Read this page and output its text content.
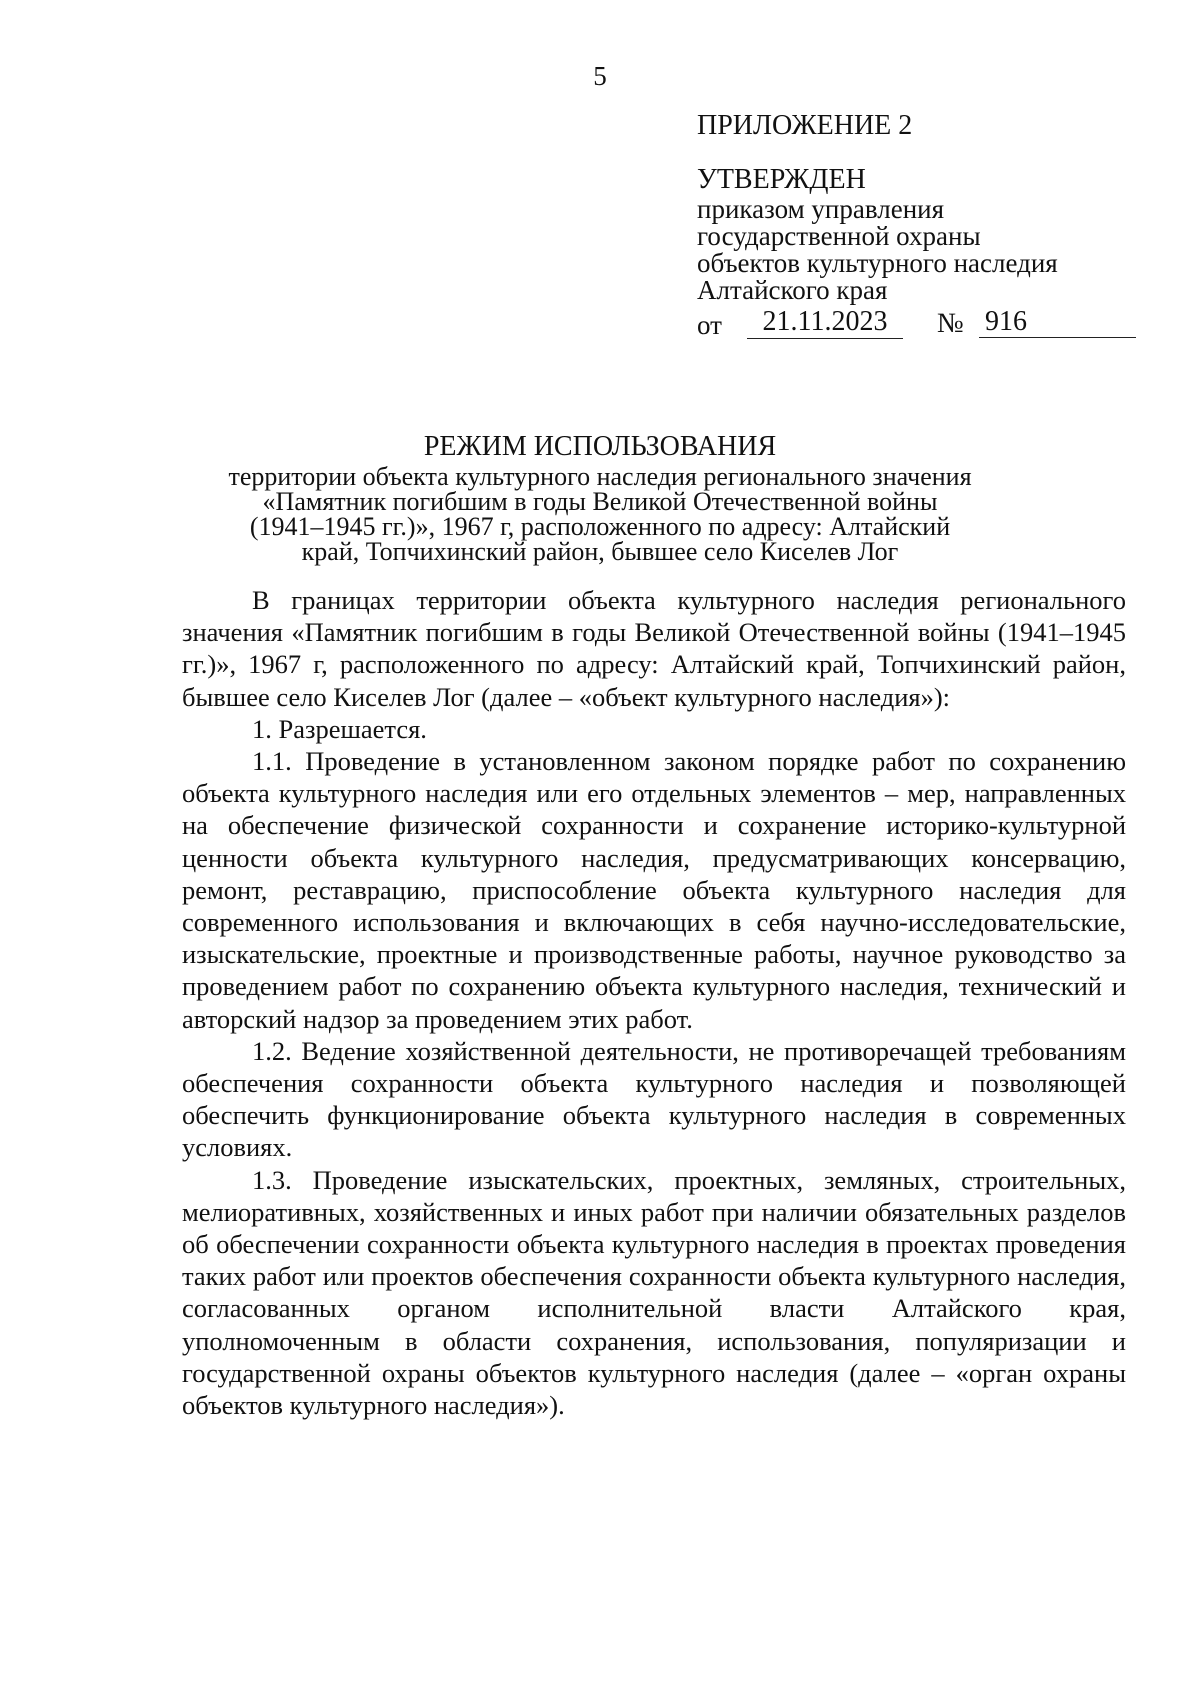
5
ПРИЛОЖЕНИЕ 2
УТВЕРЖДЕН
приказом управления
государственной охраны
объектов культурного наследия
Алтайского края
от	21.11.2023	№ 916
РЕЖИМ ИСПОЛЬЗОВАНИЯ
территории объекта культурного наследия регионального значения
«Памятник погибшим в годы Великой Отечественной войны
(1941–1945 гг.)», 1967 г, расположенного по адресу: Алтайский
край, Топчихинский район, бывшее село Киселев Лог

В границах территории объекта культурного наследия регионального значения «Памятник погибшим в годы Великой Отечественной войны (1941–1945 гг.)», 1967 г, расположенного по адресу: Алтайский край, Топчихинский район, бывшее село Киселев Лог (далее – «объект культурного наследия»):

1. Разрешается.

1.1. Проведение в установленном законом порядке работ по сохранению объекта культурного наследия или его отдельных элементов – мер, направленных на обеспечение физической сохранности и сохранение историко-культурной ценности объекта культурного наследия, предусматривающих консервацию, ремонт, реставрацию, приспособление объекта культурного наследия для современного использования и включающих в себя научно-исследовательские, изыскательские, проектные и производственные работы, научное руководство за проведением работ по сохранению объекта культурного наследия, технический и авторский надзор за проведением этих работ.

1.2. Ведение хозяйственной деятельности, не противоречащей требованиям обеспечения сохранности объекта культурного наследия и позволяющей обеспечить функционирование объекта культурного наследия в современных условиях.

1.3. Проведение изыскательских, проектных, земляных, строительных, мелиоративных, хозяйственных и иных работ при наличии обязательных разделов об обеспечении сохранности объекта культурного наследия в проектах проведения таких работ или проектов обеспечения сохранности объекта культурного наследия, согласованных органом исполнительной власти Алтайского края, уполномоченным в области сохранения, использования, популяризации и государственной охраны объектов культурного наследия (далее – «орган охраны объектов культурного наследия»).
